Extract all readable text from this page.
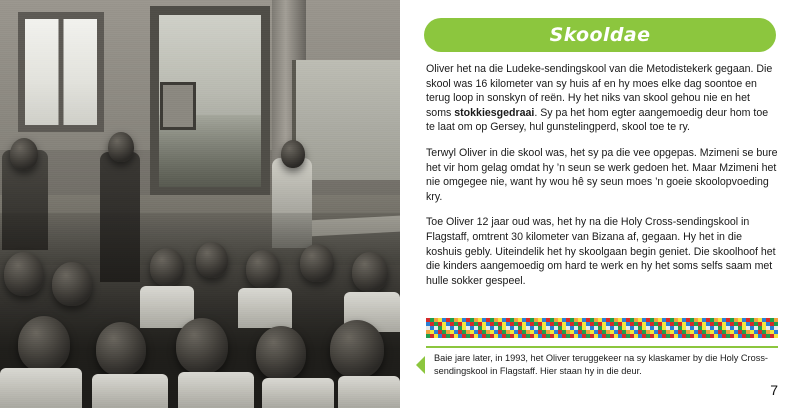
Skooldae

Oliver het na die Ludeke-sendingskool van die Metodistekerk gegaan. Die skool was 16 kilometer van sy huis af en hy moes elke dag soontoe en terug loop in sonskyn of reën. Hy het niks van skool gehou nie en het soms stokkiesgedraai. Sy pa het hom egter aangemoedig deur hom toe te laat om op Gersey, hul gunstelingperd, skool toe te ry.

Terwyl Oliver in die skool was, het sy pa die vee opgepas. Mzimeni se bure het vir hom gelag omdat hy ’n seun se werk gedoen het. Maar Mzimeni het nie omgegee nie, want hy wou hê sy seun moes ’n goeie skoolopvoeding kry.

Toe Oliver 12 jaar oud was, het hy na die Holy Cross-sendingskool in Flagstaff, omtrent 30 kilometer van Bizana af, gegaan. Hy het in die koshuis gebly. Uiteindelik het hy skoolgaan begin geniet. Die skoolhoof het die kinders aangemoedig om hard te werk en hy het soms selfs saam met hulle sokker gespeel.

Baie jare later, in 1993, het Oliver teruggekeer na sy klaskamer by die Holy Cross-sendingskool in Flagstaff. Hier staan hy in die deur.
7
